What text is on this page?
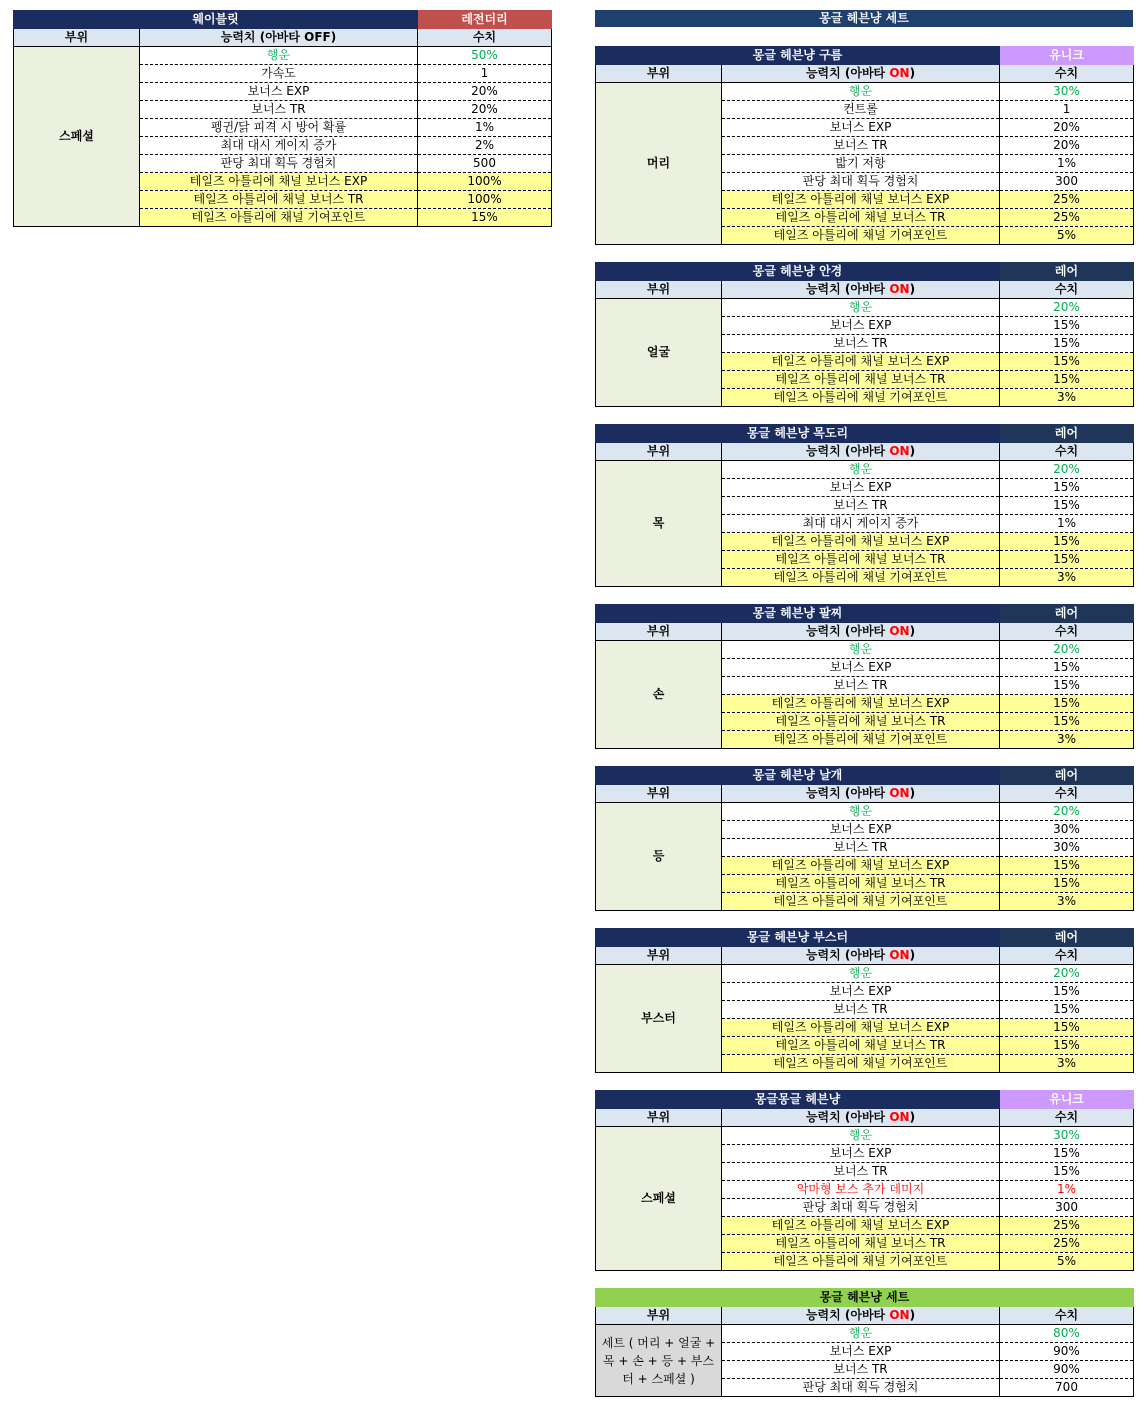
웨이블릿		레전더리
부위	능력치 (아바타 OFF)	수치
스페셜	행운	50%
	가속도	1
	보너스 EXP	20%
	보너스 TR	20%
	펭귄/닭 피격 시 방어 확률	1%
	최대 대시 게이지 증가	2%
	판당 최대 획득 경험치	500
	테일즈 아틀리에 채널 보너스 EXP	100%
	테일즈 아틀리에 채널 보너스 TR	100%
	테일즈 아틀리에 채널 기여포인트	15%
몽글 헤븐냥 세트
몽글 헤븐냥 구름		유니크
부위	능력치 (아바타 ON)	수치
머리	행운	30%
	컨트롤	1
	보너스 EXP	20%
	보너스 TR	20%
	밟기 저항	1%
	판당 최대 획득 경험치	300
	테일즈 아틀리에 채널 보너스 EXP	25%
	테일즈 아틀리에 채널 보너스 TR	25%
	테일즈 아틀리에 채널 기여포인트	5%
몽글 헤븐냥 안경		레어
부위	능력치 (아바타 ON)	수치
얼굴	행운	20%
	보너스 EXP	15%
	보너스 TR	15%
	테일즈 아틀리에 채널 보너스 EXP	15%
	테일즈 아틀리에 채널 보너스 TR	15%
	테일즈 아틀리에 채널 기여포인트	3%
몽글 헤븐냥 목도리		레어
부위	능력치 (아바타 ON)	수치
목	행운	20%
	보너스 EXP	15%
	보너스 TR	15%
	최대 대시 게이지 증가	1%
	테일즈 아틀리에 채널 보너스 EXP	15%
	테일즈 아틀리에 채널 보너스 TR	15%
	테일즈 아틀리에 채널 기여포인트	3%
몽글 헤븐냥 팔찌		레어
부위	능력치 (아바타 ON)	수치
손	행운	20%
	보너스 EXP	15%
	보너스 TR	15%
	테일즈 아틀리에 채널 보너스 EXP	15%
	테일즈 아틀리에 채널 보너스 TR	15%
	테일즈 아틀리에 채널 기여포인트	3%
몽글 헤븐냥 날개		레어
부위	능력치 (아바타 ON)	수치
등	행운	20%
	보너스 EXP	30%
	보너스 TR	30%
	테일즈 아틀리에 채널 보너스 EXP	15%
	테일즈 아틀리에 채널 보너스 TR	15%
	테일즈 아틀리에 채널 기여포인트	3%
몽글 헤븐냥 부스터		레어
부위	능력치 (아바타 ON)	수치
부스터	행운	20%
	보너스 EXP	15%
	보너스 TR	15%
	테일즈 아틀리에 채널 보너스 EXP	15%
	테일즈 아틀리에 채널 보너스 TR	15%
	테일즈 아틀리에 채널 기여포인트	3%
몽글몽글 헤븐냥		유니크
부위	능력치 (아바타 ON)	수치
스페셜	행운	30%
	보너스 EXP	15%
	보너스 TR	15%
	악마형 보스 추가 데미지	1%
	판당 최대 획득 경험치	300
	테일즈 아틀리에 채널 보너스 EXP	25%
	테일즈 아틀리에 채널 보너스 TR	25%
	테일즈 아틀리에 채널 기여포인트	5%
몽글 헤븐냥 세트		
부위	능력치 (아바타 ON)	수치
세트 ( 머리 + 얼굴 + 목 + 손 + 등 + 부스터 + 스페셜 )	행운	80%
	보너스 EXP	90%
	보너스 TR	90%
	판당 최대 획득 경험치	700
